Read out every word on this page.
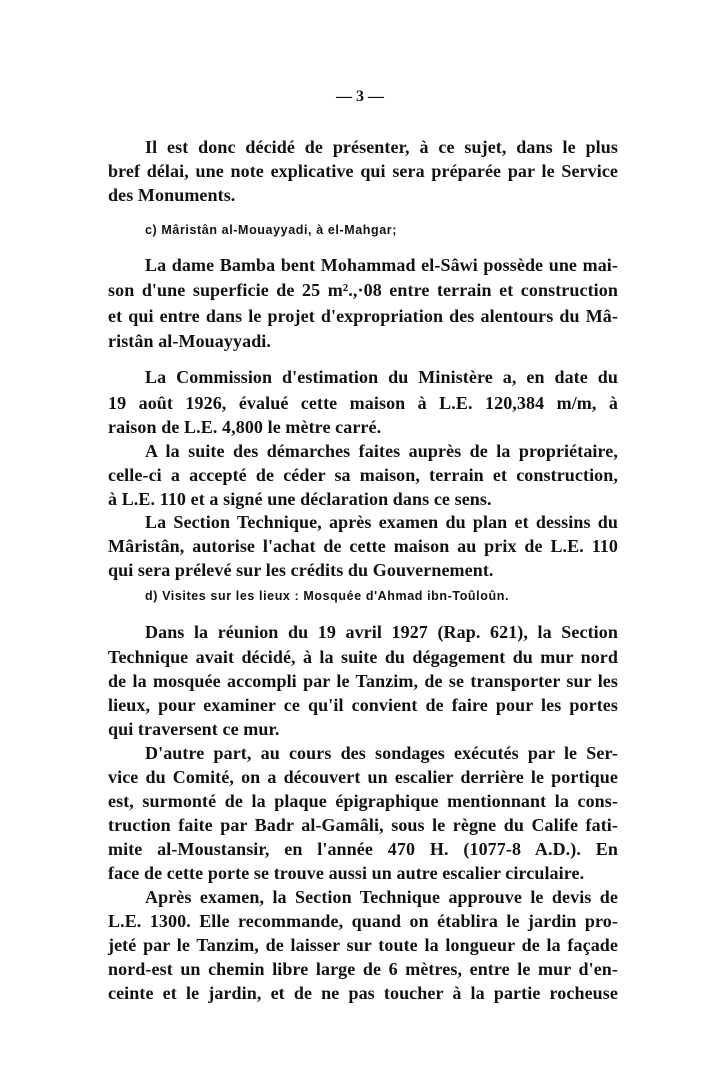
— 3 —
Il est donc décidé de présenter, à ce sujet, dans le plus
bref délai, une note explicative qui sera préparée par le Service
des Monuments.
c) Mâristân al-Mouayyadi, à el-Mahgar;
La dame Bamba bent Mohammad el-Sâwi possède une mai-
son d'une superficie de 25 m².,·08 entre terrain et construction
et qui entre dans le projet d'expropriation des alentours du Mâ-
ristân al-Mouayyadi.
La Commission d'estimation du Ministère a, en date du
19 août 1926, évalué cette maison à L.E. 120,384 m/m, à
raison de L.E. 4,800 le mètre carré.
A la suite des démarches faites auprès de la propriétaire,
celle-ci a accepté de céder sa maison, terrain et construction,
à L.E. 110 et a signé une déclaration dans ce sens.
La Section Technique, après examen du plan et dessins du
Mâristân, autorise l'achat de cette maison au prix de L.E. 110
qui sera prélevé sur les crédits du Gouvernement.
d) Visites sur les lieux : Mosquée d'Ahmad ibn-Toûloûn.
Dans la réunion du 19 avril 1927 (Rap. 621), la Section
Technique avait décidé, à la suite du dégagement du mur nord
de la mosquée accompli par le Tanzim, de se transporter sur les
lieux, pour examiner ce qu'il convient de faire pour les portes
qui traversent ce mur.
D'autre part, au cours des sondages exécutés par le Ser-
vice du Comité, on a découvert un escalier derrière le portique
est, surmonté de la plaque épigraphique mentionnant la cons-
truction faite par Badr al-Gamâli, sous le règne du Calife fati-
mite al-Moustansir, en l'année 470 H. (1077-8 A.D.). En
face de cette porte se trouve aussi un autre escalier circulaire.
Après examen, la Section Technique approuve le devis de
L.E. 1300. Elle recommande, quand on établira le jardin pro-
jeté par le Tanzim, de laisser sur toute la longueur de la façade
nord-est un chemin libre large de 6 mètres, entre le mur d'en-
ceinte et le jardin, et de ne pas toucher à la partie rocheuse
